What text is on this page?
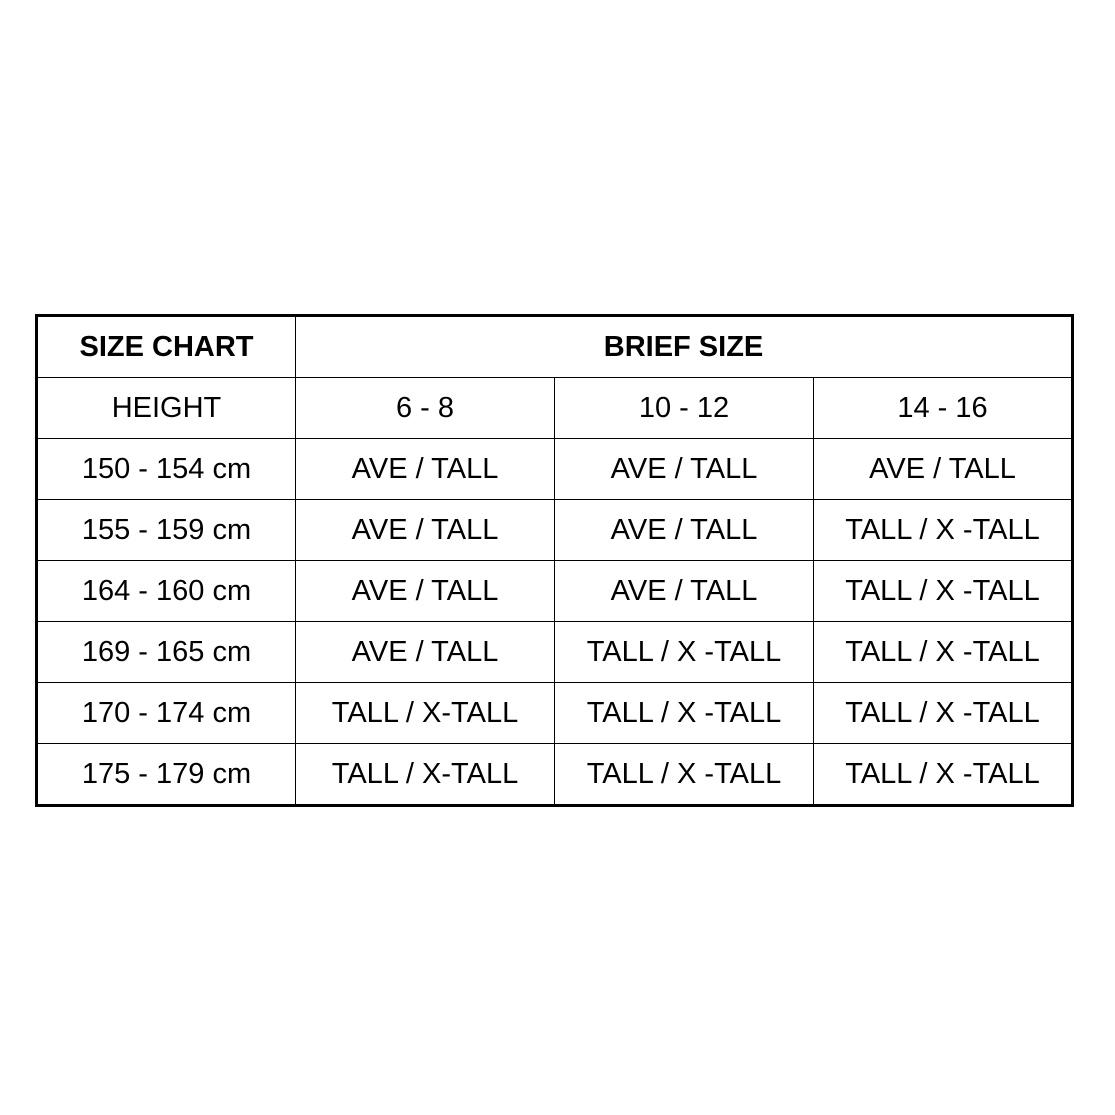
SIZE CHART	BRIEF SIZE		
HEIGHT	6 - 8	10 - 12	14 - 16
150 - 154 cm	AVE / TALL	AVE / TALL	AVE / TALL
155 - 159 cm	AVE / TALL	AVE / TALL	TALL / X -TALL
164 - 160 cm	AVE / TALL	AVE / TALL	TALL / X -TALL
169 - 165 cm	AVE / TALL	TALL / X -TALL	TALL / X -TALL
170 - 174 cm	TALL / X-TALL	TALL / X -TALL	TALL / X -TALL
175 - 179 cm	TALL / X-TALL	TALL / X -TALL	TALL / X -TALL
